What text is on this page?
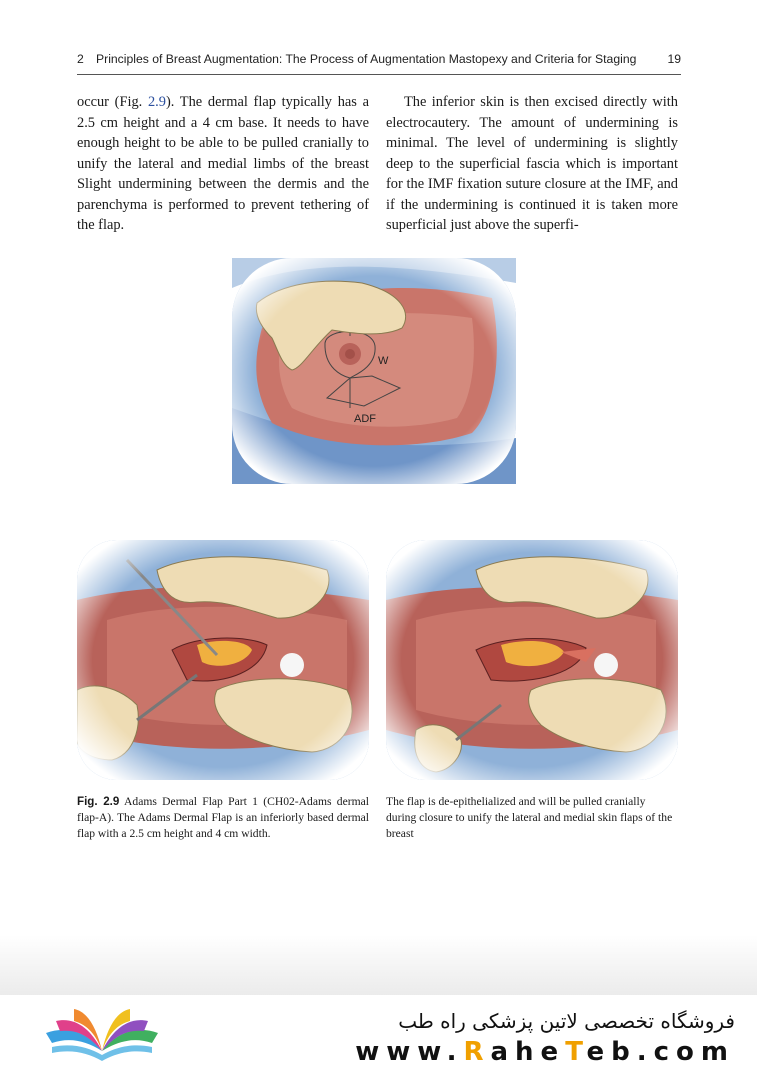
2 Principles of Breast Augmentation: The Process of Augmentation Mastopexy and Criteria for Staging	19

occur (Fig. 2.9). The dermal flap typically has a 2.5 cm height and a 4 cm base. It needs to have enough height to be able to be pulled cranially to unify the lateral and medial limbs of the breast Slight undermining between the dermis and the parenchyma is performed to prevent tethering of the flap.

The inferior skin is then excised directly with electrocautery. The amount of undermining is minimal. The level of undermining is slightly deep to the superficial fascia which is important for the IMF fixation suture closure at the IMF, and if the undermining is continued it is taken more superficial just above the superfi-

Fig. 2.9 Adams Dermal Flap Part 1 (CH02-Adams dermal flap-A). The Adams Dermal Flap is an inferiorly based dermal flap with a 2.5 cm height and 4 cm width.
The flap is de-epithelialized and will be pulled cranially during closure to unify the lateral and medial skin flaps of the breast
فروشگاه تخصصی لاتین پزشکی راه طب
www.RaheTeb.com
